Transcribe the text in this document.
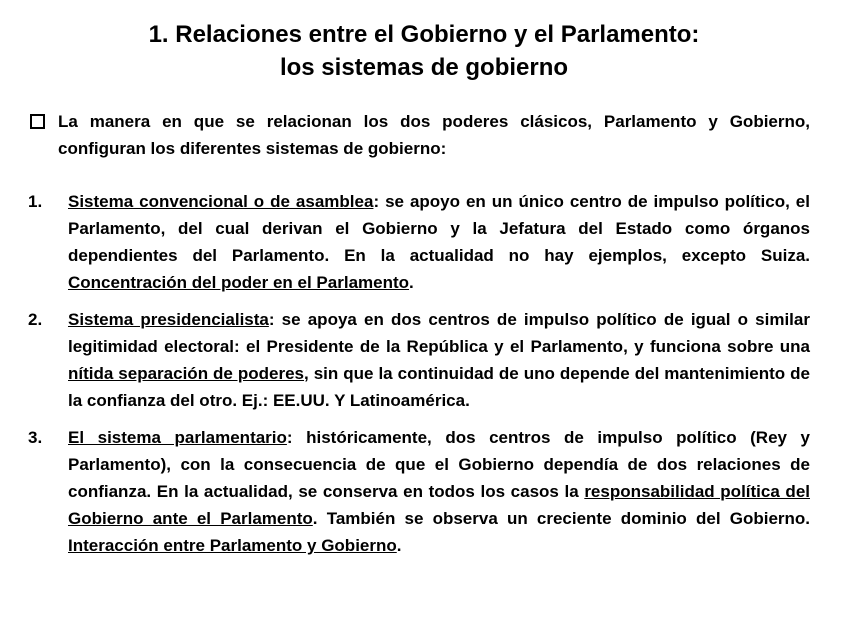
1. Relaciones entre el Gobierno y el Parlamento:
los sistemas de gobierno
La manera en que se relacionan los dos poderes clásicos, Parlamento y Gobierno, configuran los diferentes sistemas de gobierno:
1. Sistema convencional o de asamblea: se apoyo en un único centro de impulso político, el Parlamento, del cual derivan el Gobierno y la Jefatura del Estado como órganos dependientes del Parlamento. En la actualidad no hay ejemplos, excepto Suiza. Concentración del poder en el Parlamento.
2. Sistema presidencialista: se apoya en dos centros de impulso político de igual o similar legitimidad electoral: el Presidente de la República y el Parlamento, y funciona sobre una nítida separación de poderes, sin que la continuidad de uno depende del mantenimiento de la confianza del otro. Ej.: EE.UU. Y Latinoamérica.
3. El sistema parlamentario: históricamente, dos centros de impulso político (Rey y Parlamento), con la consecuencia de que el Gobierno dependía de dos relaciones de confianza. En la actualidad, se conserva en todos los casos la responsabilidad política del Gobierno ante el Parlamento. También se observa un creciente dominio del Gobierno. Interacción entre Parlamento y Gobierno.
